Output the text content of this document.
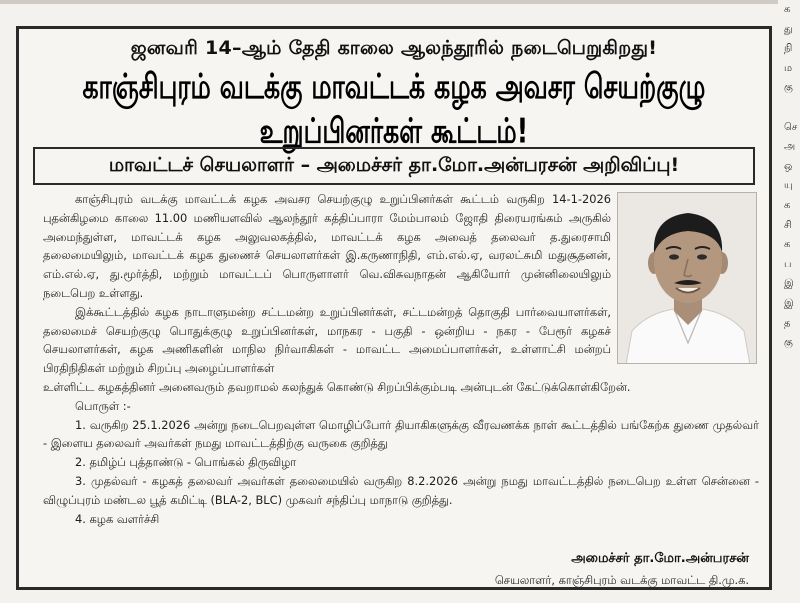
க
து
நி
ம
கு
செ
அ
ஒ
யு
க
சி
க
ப
இ
இ
த
கு
ஜனவரி 14–ஆம் தேதி காலை ஆலந்தூரில் நடைபெறுகிறது!
காஞ்சிபுரம் வடக்கு மாவட்டக் கழக அவசர செயற்குழு உறுப்பினர்கள் கூட்டம்!
மாவட்டச் செயலாளர் – அமைச்சர் தா.மோ.அன்பரசன் அறிவிப்பு!

காஞ்சிபுரம் வடக்கு மாவட்டக் கழக அவசர செயற்குழு உறுப்பினர்கள் கூட்டம் வருகிற 14-1-2026 புதன்கிழமை காலை 11.00 மணியளவில் ஆலந்தூர் கத்திப்பாரா மேம்பாலம் ஜோதி திரையரங்கம் அருகில் அமைந்துள்ள, மாவட்டக் கழக அலுவலகத்தில், மாவட்டக் கழக அவைத் தலைவர் த.துரைசாமி தலைமையிலும், மாவட்டக் கழக துணைச் செயலாளர்கள் இ.கருணாநிதி, எம்.எல்.ஏ, வரலட்சுமி மதுசூதனன், எம்.எல்.ஏ, து.மூர்த்தி, மற்றும் மாவட்டப் பொருளாளர் வெ.விசுவநாதன் ஆகியோர் முன்னிலையிலும் நடைபெற உள்ளது.

இக்கூட்டத்தில் கழக நாடாளுமன்ற சட்டமன்ற உறுப்பினர்கள், சட்டமன்றத் தொகுதி பார்வையாளர்கள், தலைமைச் செயற்குழு பொதுக்குழு உறுப்பினர்கள், மாநகர - பகுதி - ஒன்றிய - நகர - பேரூர் கழகச் செயலாளர்கள், கழக அணிகளின் மாநில நிர்வாகிகள் - மாவட்ட அமைப்பாளர்கள், உள்ளாட்சி மன்றப் பிரதிநிதிகள் மற்றும் சிறப்பு அழைப்பாளர்கள்

உள்ளிட்ட கழகத்தினர் அனைவரும் தவறாமல் கலந்துக் கொண்டு சிறப்பிக்கும்படி அன்புடன் கேட்டுக்கொள்கிறேன்.

பொருள் :-

1. வருகிற 25.1.2026 அன்று நடைபெறவுள்ள மொழிப்போர் தியாகிகளுக்கு வீரவணக்க நாள் கூட்டத்தில் பங்கேற்க துணை முதல்வர் - இளைய தலைவர் அவர்கள் நமது மாவட்டத்திற்கு வருகை குறித்து

2. தமிழ்ப் புத்தாண்டு - பொங்கல் திருவிழா

3. முதல்வர் - கழகத் தலைவர் அவர்கள் தலைமையில் வருகிற 8.2.2026 அன்று நமது மாவட்டத்தில் நடைபெற உள்ள சென்னை - விழுப்புரம் மண்டல பூத் கமிட்டி (BLA-2, BLC) முகவர் சந்திப்பு மாநாடு குறித்து.

4. கழக வளர்ச்சி

அமைச்சர் தா.மோ.அன்பரசன்
செயலாளர், காஞ்சிபுரம் வடக்கு மாவட்ட தி.மு.க.
